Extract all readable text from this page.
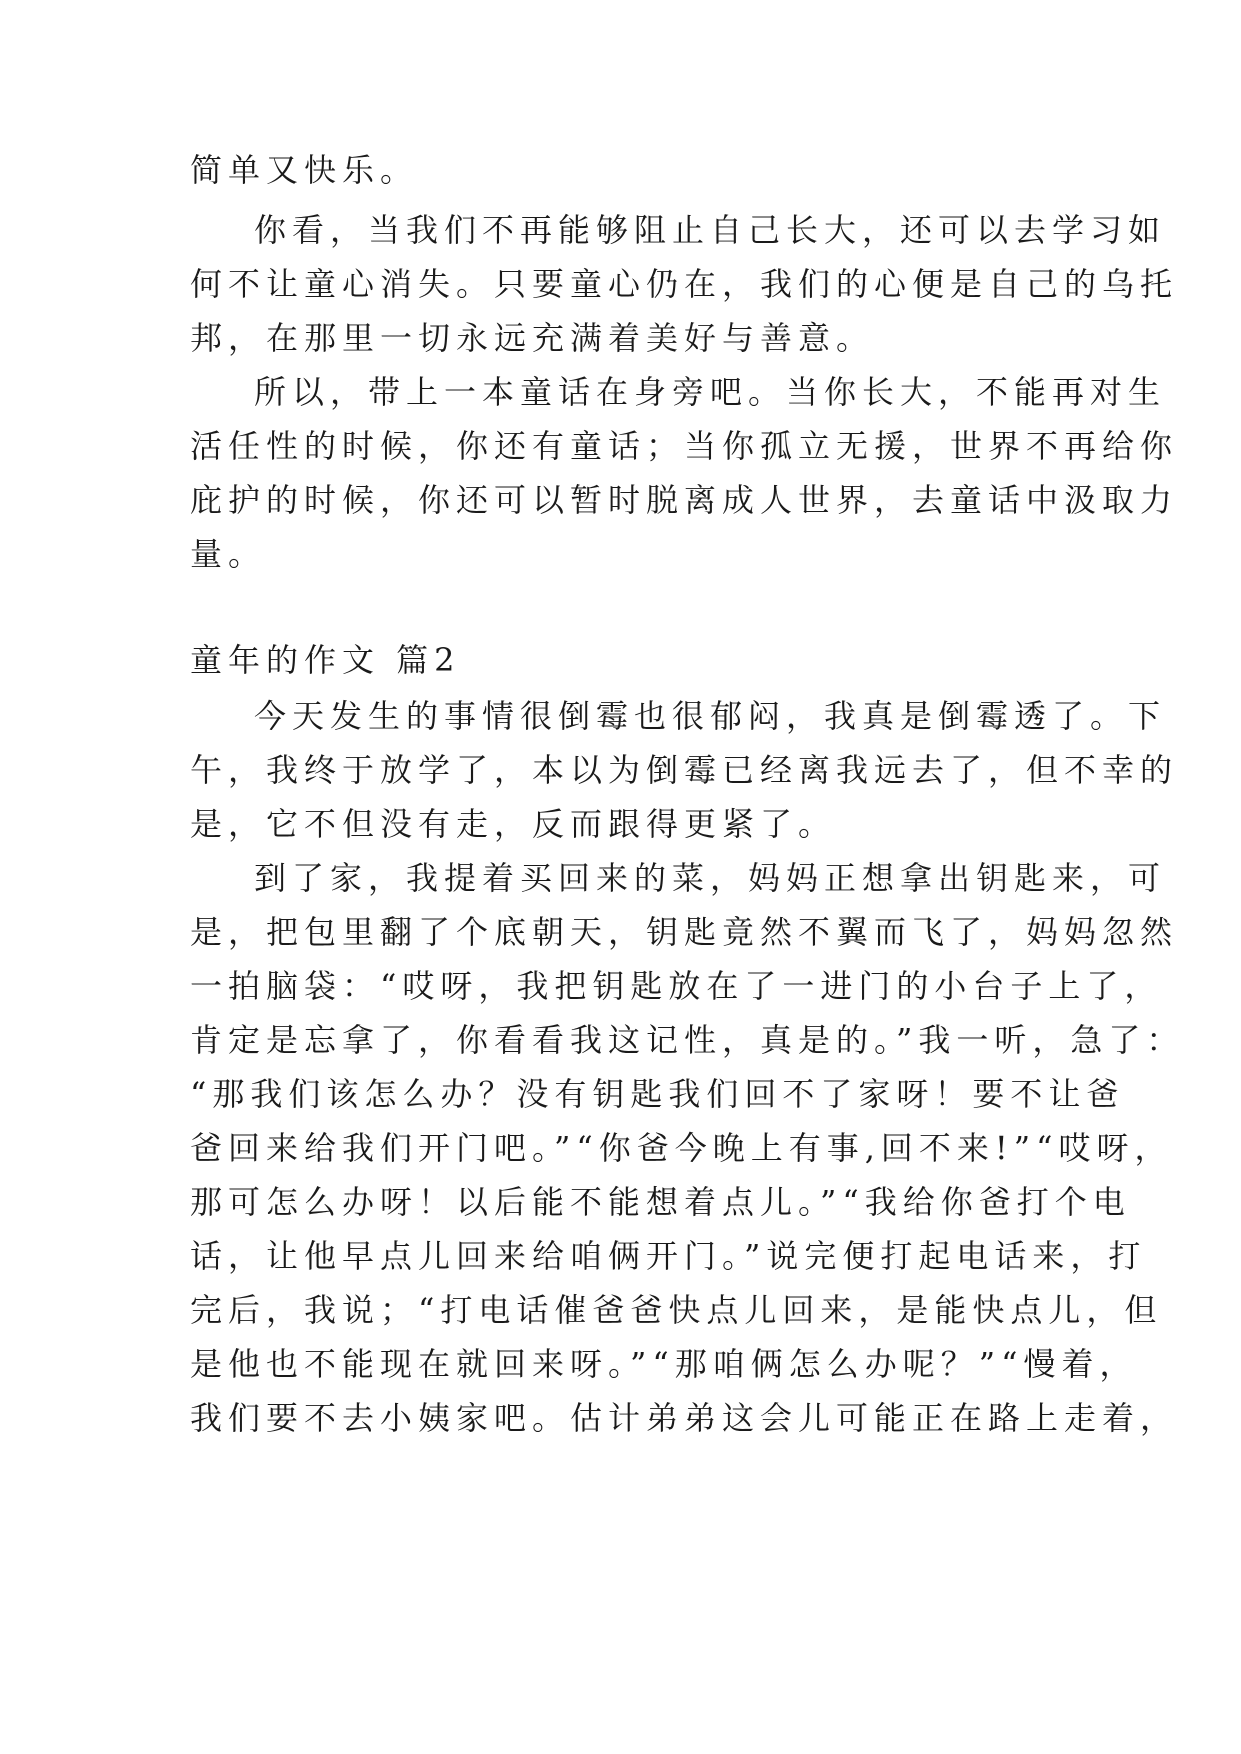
简单又快乐。
你看，当我们不再能够阻止自己长大，还可以去学习如
何不让童心消失。只要童心仍在，我们的心便是自己的乌托
邦，在那里一切永远充满着美好与善意。
所以，带上一本童话在身旁吧。当你长大，不能再对生
活任性的时候，你还有童话；当你孤立无援，世界不再给你
庇护的时候，你还可以暂时脱离成人世界，去童话中汲取力
量。
童年的作文 篇2
今天发生的事情很倒霉也很郁闷，我真是倒霉透了。下
午，我终于放学了，本以为倒霉已经离我远去了，但不幸的
是，它不但没有走，反而跟得更紧了。
到了家，我提着买回来的菜，妈妈正想拿出钥匙来，可
是，把包里翻了个底朝天，钥匙竟然不翼而飞了，妈妈忽然
一拍脑袋：“哎呀，我把钥匙放在了一进门的小台子上了，
肯定是忘拿了，你看看我这记性，真是的。”我一听，急了：
“那我们该怎么办？没有钥匙我们回不了家呀！要不让爸
爸回来给我们开门吧。”“你爸今晚上有事,回不来!”“哎呀，
那可怎么办呀！以后能不能想着点儿。”“我给你爸打个电
话，让他早点儿回来给咱俩开门。”说完便打起电话来，打
完后，我说；“打电话催爸爸快点儿回来，是能快点儿，但
是他也不能现在就回来呀。”“那咱俩怎么办呢？”“慢着，
我们要不去小姨家吧。估计弟弟这会儿可能正在路上走着，
